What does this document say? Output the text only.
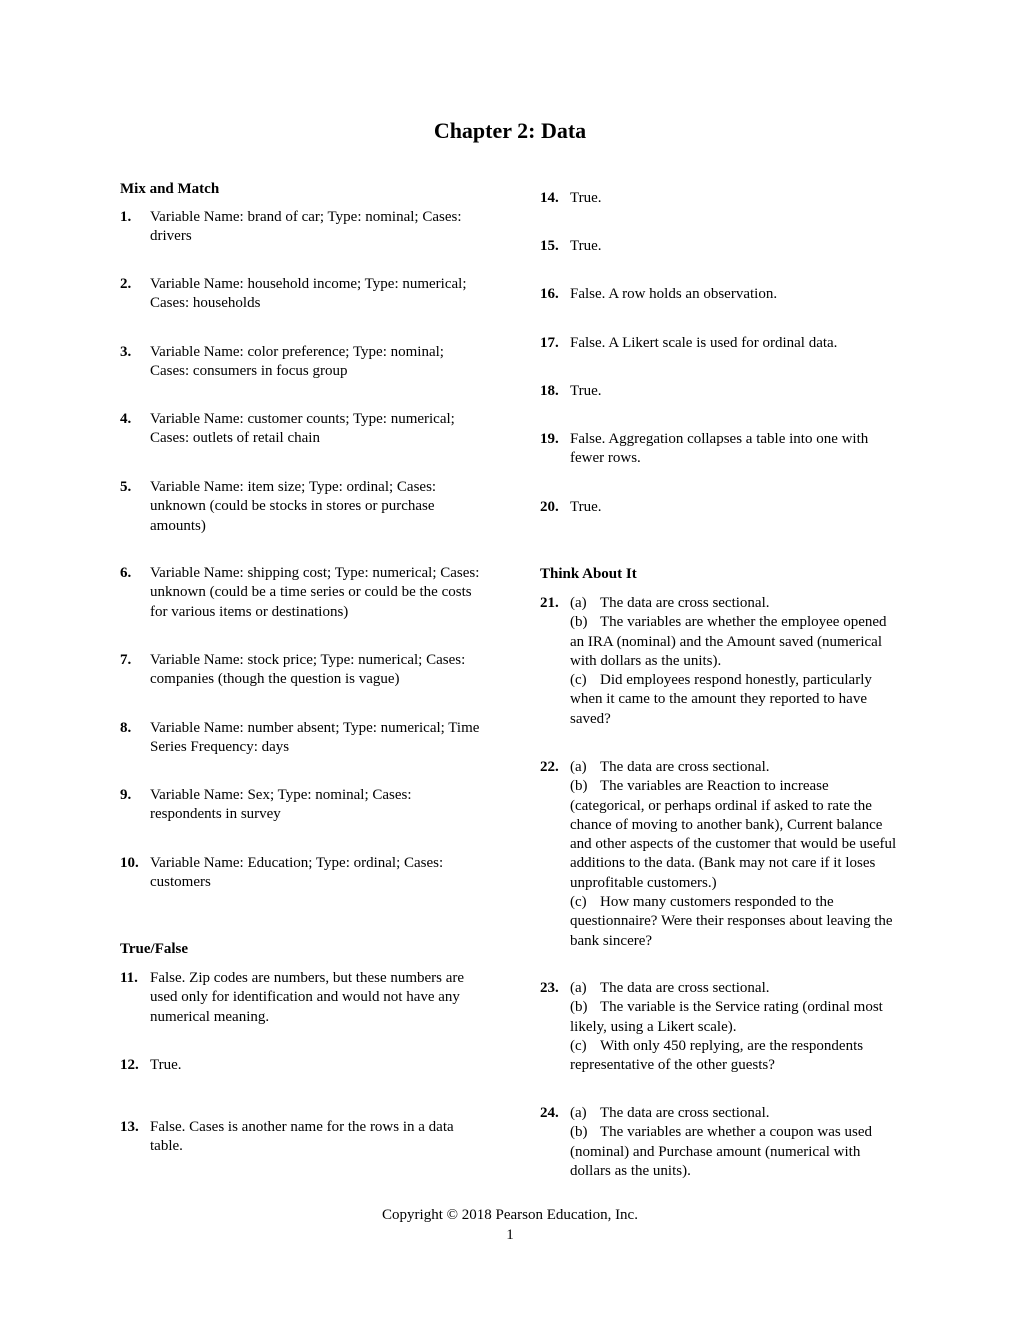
Chapter 2: Data

Mix and Match

1. Variable Name: brand of car; Type: nominal; Cases: drivers
2. Variable Name: household income; Type: numerical; Cases: households
3. Variable Name: color preference; Type: nominal; Cases: consumers in focus group
4. Variable Name: customer counts; Type: numerical; Cases: outlets of retail chain
5. Variable Name: item size; Type: ordinal; Cases: unknown (could be stocks in stores or purchase amounts)
6. Variable Name: shipping cost; Type: numerical; Cases: unknown (could be a time series or could be the costs for various items or destinations)
7. Variable Name: stock price; Type: numerical; Cases: companies (though the question is vague)
8. Variable Name: number absent; Type: numerical; Time Series Frequency: days
9. Variable Name: Sex; Type: nominal; Cases: respondents in survey
10. Variable Name: Education; Type: ordinal; Cases: customers

True/False

11. False. Zip codes are numbers, but these numbers are used only for identification and would not have any numerical meaning.
12. True.
13. False. Cases is another name for the rows in a data table.
14. True.
15. True.
16. False. A row holds an observation.
17. False. A Likert scale is used for ordinal data.
18. True.
19. False. Aggregation collapses a table into one with fewer rows.
20. True.

Think About It

21. (a) The data are cross sectional.
(b) The variables are whether the employee opened an IRA (nominal) and the Amount saved (numerical with dollars as the units).
(c) Did employees respond honestly, particularly when it came to the amount they reported to have saved?
22. (a) The data are cross sectional.
(b) The variables are Reaction to increase (categorical, or perhaps ordinal if asked to rate the chance of moving to another bank), Current balance and other aspects of the customer that would be useful additions to the data. (Bank may not care if it loses unprofitable customers.)
(c) How many customers responded to the questionnaire? Were their responses about leaving the bank sincere?
23. (a) The data are cross sectional.
(b) The variable is the Service rating (ordinal most likely, using a Likert scale).
(c) With only 450 replying, are the respondents representative of the other guests?
24. (a) The data are cross sectional.
(b) The variables are whether a coupon was used (nominal) and Purchase amount (numerical with dollars as the units).
Copyright © 2018 Pearson Education, Inc.
1
